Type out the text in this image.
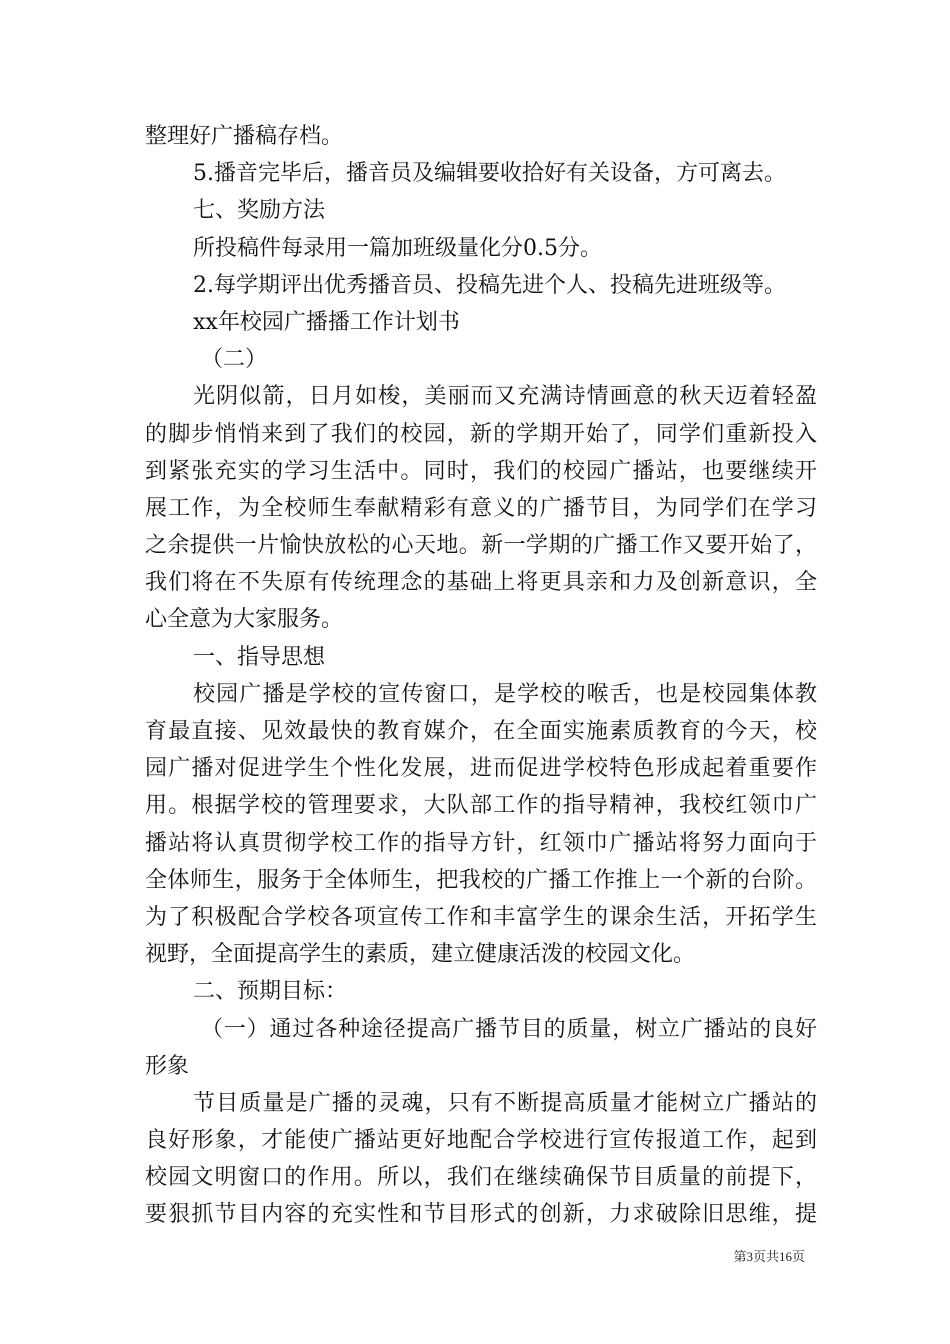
整理好广播稿存档。
5.播音完毕后，播音员及编辑要收拾好有关设备，方可离去。
七、奖励方法
所投稿件每录用一篇加班级量化分0.5分。
2.每学期评出优秀播音员、投稿先进个人、投稿先进班级等。
xx年校园广播播工作计划书
（二）
光阴似箭，日月如梭，美丽而又充满诗情画意的秋天迈着轻盈
的脚步悄悄来到了我们的校园，新的学期开始了，同学们重新投入
到紧张充实的学习生活中。同时，我们的校园广播站，也要继续开
展工作，为全校师生奉献精彩有意义的广播节目，为同学们在学习
之余提供一片愉快放松的心天地。新一学期的广播工作又要开始了，
我们将在不失原有传统理念的基础上将更具亲和力及创新意识，全
心全意为大家服务。
一、指导思想
校园广播是学校的宣传窗口，是学校的喉舌，也是校园集体教
育最直接、见效最快的教育媒介，在全面实施素质教育的今天，校
园广播对促进学生个性化发展，进而促进学校特色形成起着重要作
用。根据学校的管理要求，大队部工作的指导精神，我校红领巾广
播站将认真贯彻学校工作的指导方针，红领巾广播站将努力面向于
全体师生，服务于全体师生，把我校的广播工作推上一个新的台阶。
为了积极配合学校各项宣传工作和丰富学生的课余生活，开拓学生
视野，全面提高学生的素质，建立健康活泼的校园文化。
二、预期目标：
（一）通过各种途径提高广播节目的质量，树立广播站的良好
形象
节目质量是广播的灵魂，只有不断提高质量才能树立广播站的
良好形象，才能使广播站更好地配合学校进行宣传报道工作，起到
校园文明窗口的作用。所以，我们在继续确保节目质量的前提下，
要狠抓节目内容的充实性和节目形式的创新，力求破除旧思维，提
第3页共16页
